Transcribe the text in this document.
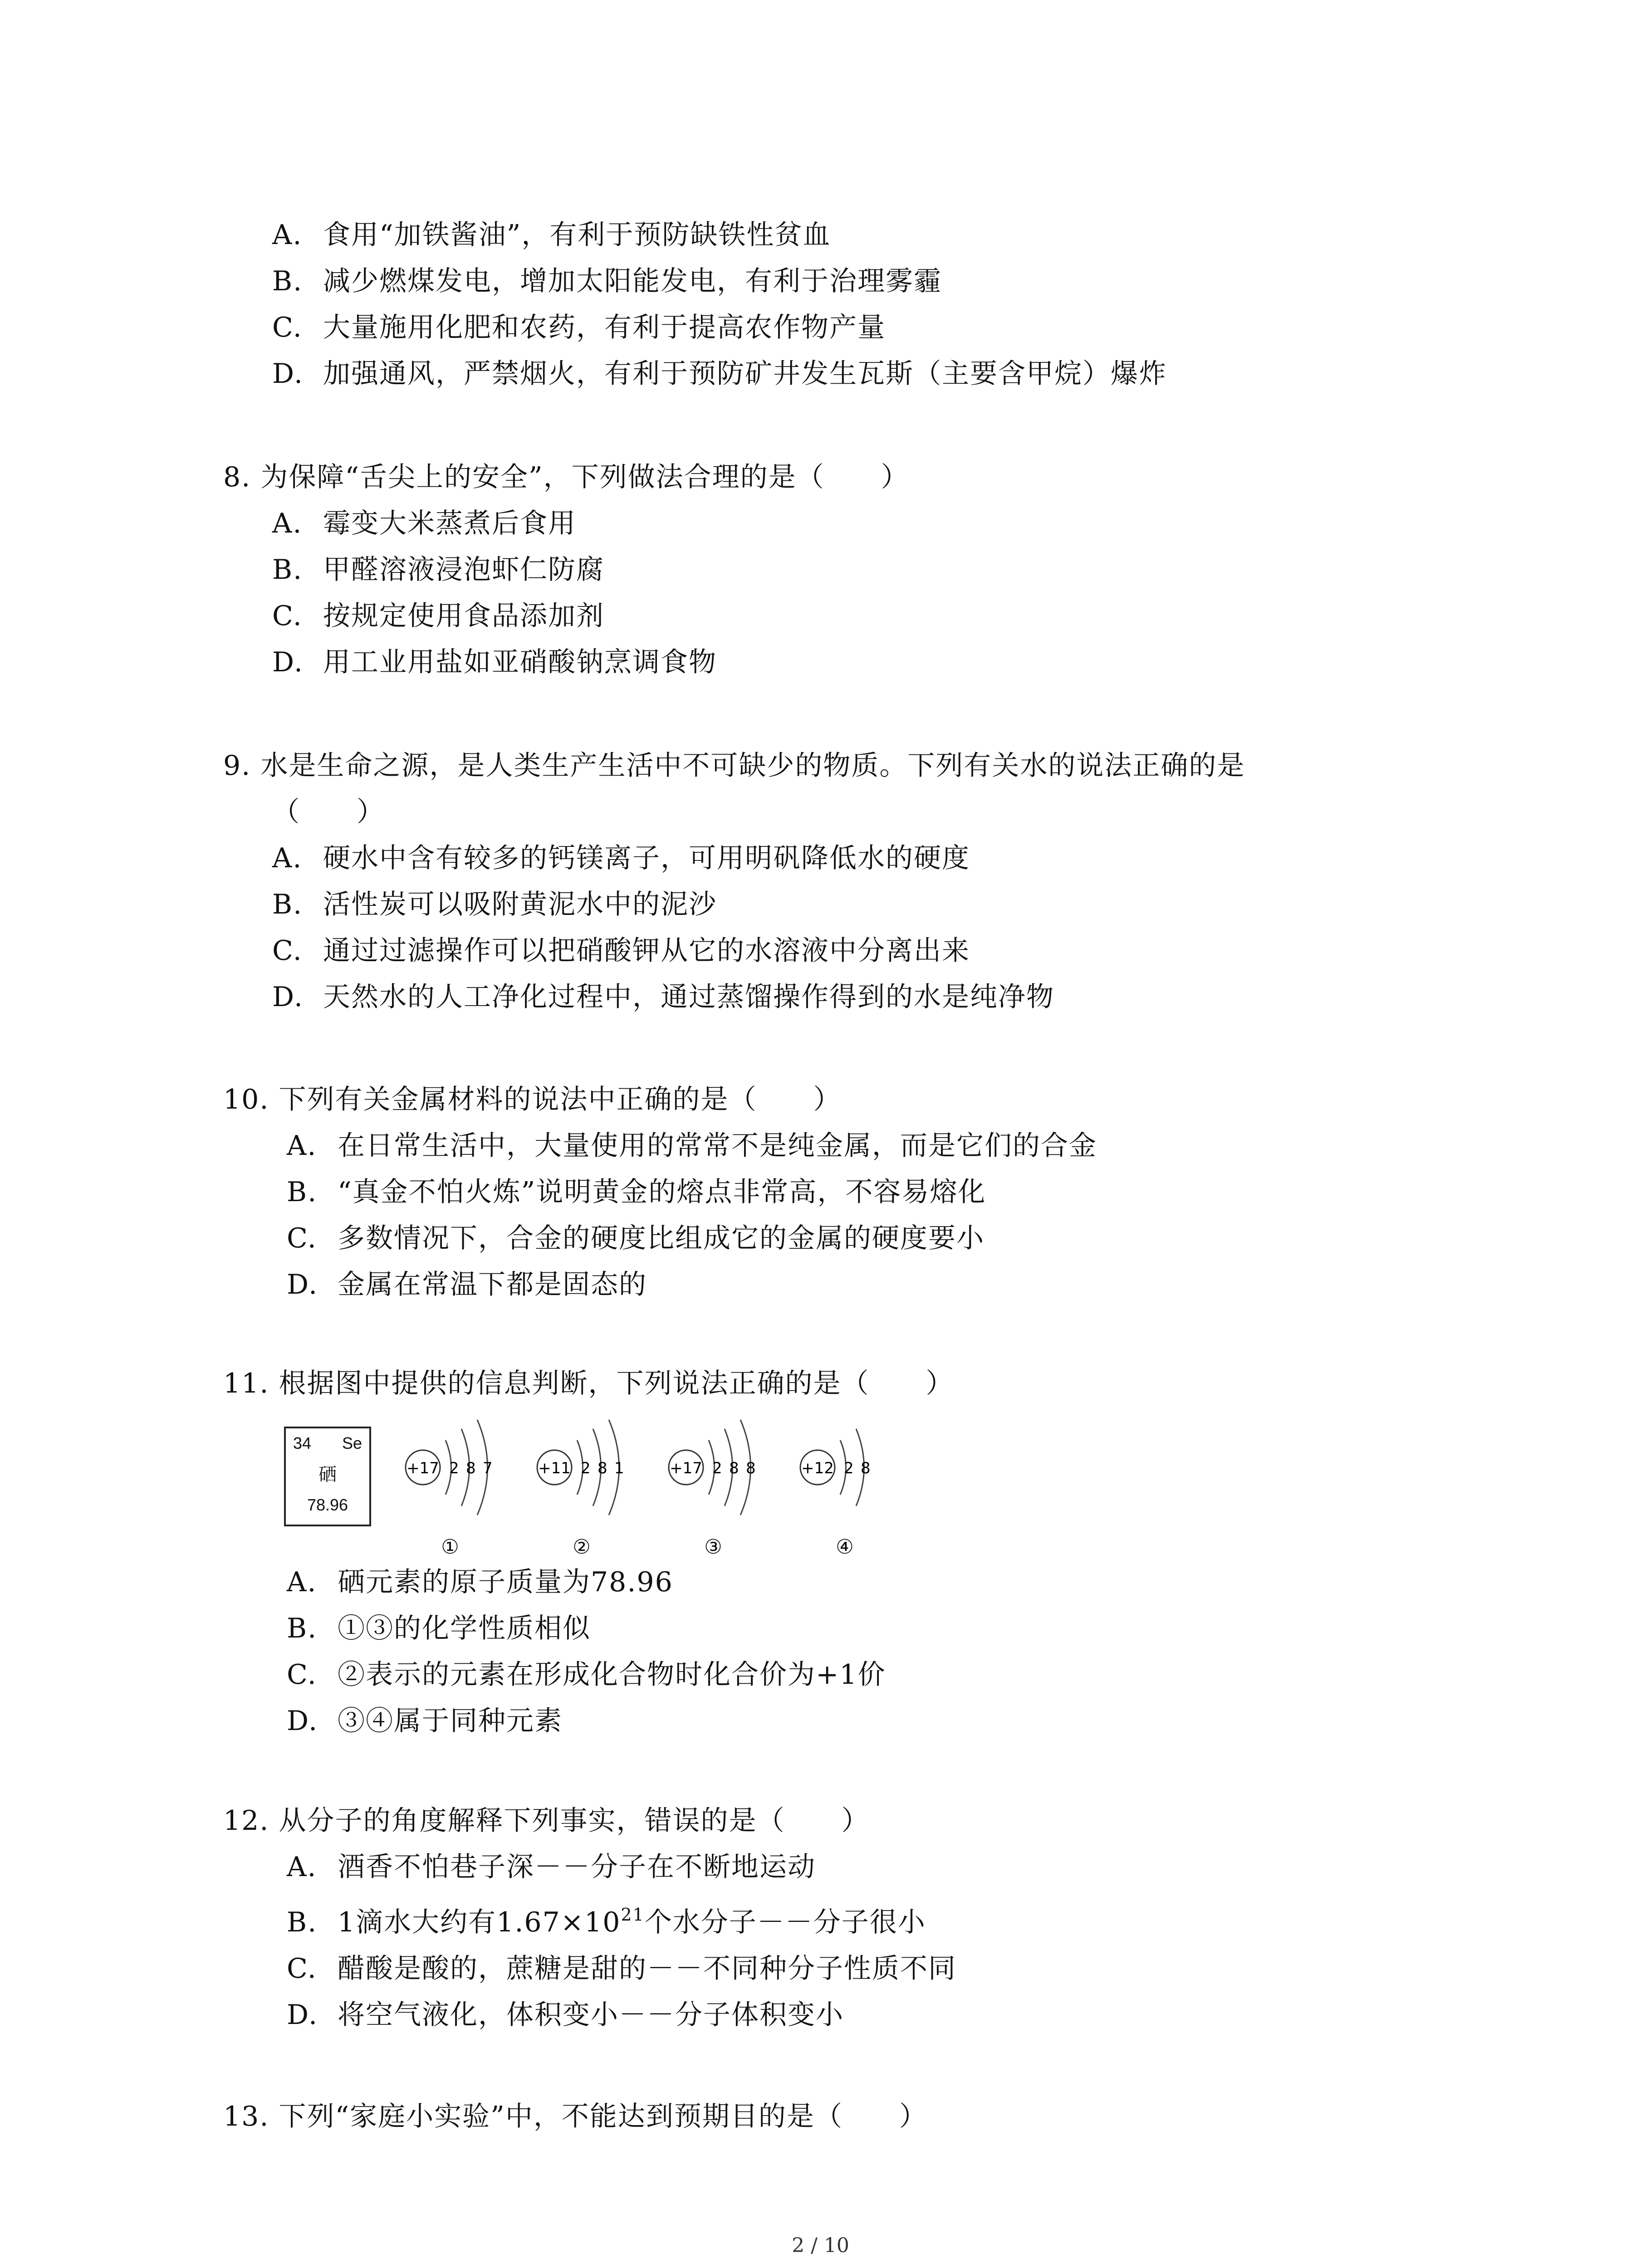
A. 食用“加铁酱油”，有利于预防缺铁性贫血
B. 减少燃煤发电，增加太阳能发电，有利于治理雾霾
C. 大量施用化肥和农药，有利于提高农作物产量
D. 加强通风，严禁烟火，有利于预防矿井发生瓦斯（主要含甲烷）爆炸
8. 为保障“舌尖上的安全”，下列做法合理的是（　　）
A. 霉变大米蒸煮后食用
B. 甲醛溶液浸泡虾仁防腐
C. 按规定使用食品添加剂
D. 用工业用盐如亚硝酸钠烹调食物
9. 水是生命之源，是人类生产生活中不可缺少的物质。下列有关水的说法正确的是
（　　）
A. 硬水中含有较多的钙镁离子，可用明矾降低水的硬度
B. 活性炭可以吸附黄泥水中的泥沙
C. 通过过滤操作可以把硝酸钾从它的水溶液中分离出来
D. 天然水的人工净化过程中，通过蒸馏操作得到的水是纯净物
10. 下列有关金属材料的说法中正确的是（　　）
A. 在日常生活中，大量使用的常常不是纯金属，而是它们的合金
B. “真金不怕火炼”说明黄金的熔点非常高，不容易熔化
C. 多数情况下，合金的硬度比组成它的金属的硬度要小
D. 金属在常温下都是固态的
11. 根据图中提供的信息判断，下列说法正确的是（　　）
34 Se
硒
78.96
+17 2 8 7
①
+11 2 8 1
②
+17 2 8 8
③
+12 2 8
④
A. 硒元素的原子质量为78.96
B. ①③的化学性质相似
C. ②表示的元素在形成化合物时化合价为+1价
D. ③④属于同种元素
12. 从分子的角度解释下列事实，错误的是（　　）
A. 酒香不怕巷子深－－分子在不断地运动
B. 1滴水大约有$1.67\times 10^{21}$个水分子－－分子很小
C. 醋酸是酸的，蔗糖是甜的－－不同种分子性质不同
D. 将空气液化，体积变小－－分子体积变小
13. 下列“家庭小实验”中，不能达到预期目的是（　　）
2 / 10
